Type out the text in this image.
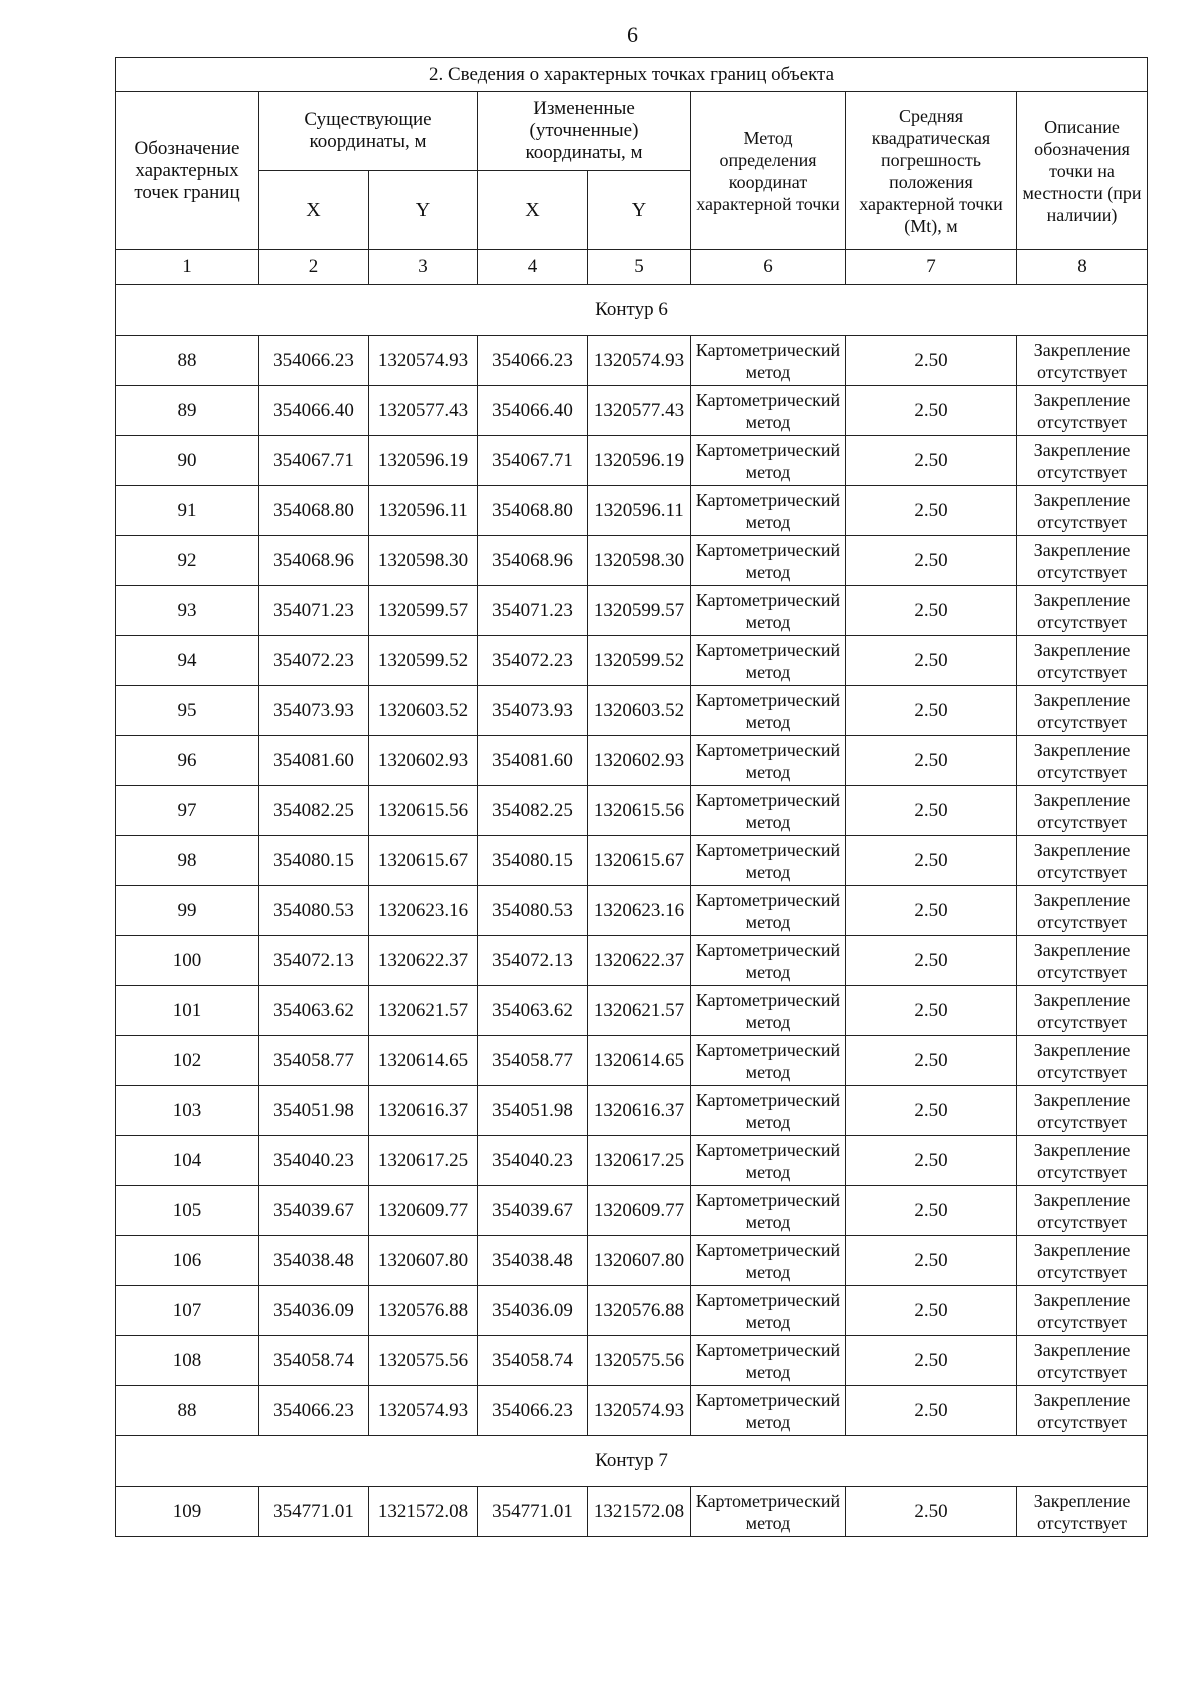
6
2. Сведения о характерных точках границ объекта							
Обозначение характерных точек границ	Существующие координаты, м		Измененные (уточненные) координаты, м		Метод определения координат характерной точки	Средняя квадратическая погрешность положения характерной точки (Mt), м	Описание обозначения точки на местности (при наличии)
	X	Y	X	Y			
1	2	3	4	5	6	7	8
Контур 6							
88	354066.23	1320574.93	354066.23	1320574.93	Картометрический метод	2.50	Закрепление отсутствует
89	354066.40	1320577.43	354066.40	1320577.43	Картометрический метод	2.50	Закрепление отсутствует
90	354067.71	1320596.19	354067.71	1320596.19	Картометрический метод	2.50	Закрепление отсутствует
91	354068.80	1320596.11	354068.80	1320596.11	Картометрический метод	2.50	Закрепление отсутствует
92	354068.96	1320598.30	354068.96	1320598.30	Картометрический метод	2.50	Закрепление отсутствует
93	354071.23	1320599.57	354071.23	1320599.57	Картометрический метод	2.50	Закрепление отсутствует
94	354072.23	1320599.52	354072.23	1320599.52	Картометрический метод	2.50	Закрепление отсутствует
95	354073.93	1320603.52	354073.93	1320603.52	Картометрический метод	2.50	Закрепление отсутствует
96	354081.60	1320602.93	354081.60	1320602.93	Картометрический метод	2.50	Закрепление отсутствует
97	354082.25	1320615.56	354082.25	1320615.56	Картометрический метод	2.50	Закрепление отсутствует
98	354080.15	1320615.67	354080.15	1320615.67	Картометрический метод	2.50	Закрепление отсутствует
99	354080.53	1320623.16	354080.53	1320623.16	Картометрический метод	2.50	Закрепление отсутствует
100	354072.13	1320622.37	354072.13	1320622.37	Картометрический метод	2.50	Закрепление отсутствует
101	354063.62	1320621.57	354063.62	1320621.57	Картометрический метод	2.50	Закрепление отсутствует
102	354058.77	1320614.65	354058.77	1320614.65	Картометрический метод	2.50	Закрепление отсутствует
103	354051.98	1320616.37	354051.98	1320616.37	Картометрический метод	2.50	Закрепление отсутствует
104	354040.23	1320617.25	354040.23	1320617.25	Картометрический метод	2.50	Закрепление отсутствует
105	354039.67	1320609.77	354039.67	1320609.77	Картометрический метод	2.50	Закрепление отсутствует
106	354038.48	1320607.80	354038.48	1320607.80	Картометрический метод	2.50	Закрепление отсутствует
107	354036.09	1320576.88	354036.09	1320576.88	Картометрический метод	2.50	Закрепление отсутствует
108	354058.74	1320575.56	354058.74	1320575.56	Картометрический метод	2.50	Закрепление отсутствует
88	354066.23	1320574.93	354066.23	1320574.93	Картометрический метод	2.50	Закрепление отсутствует
Контур 7							
109	354771.01	1321572.08	354771.01	1321572.08	Картометрический метод	2.50	Закрепление отсутствует
